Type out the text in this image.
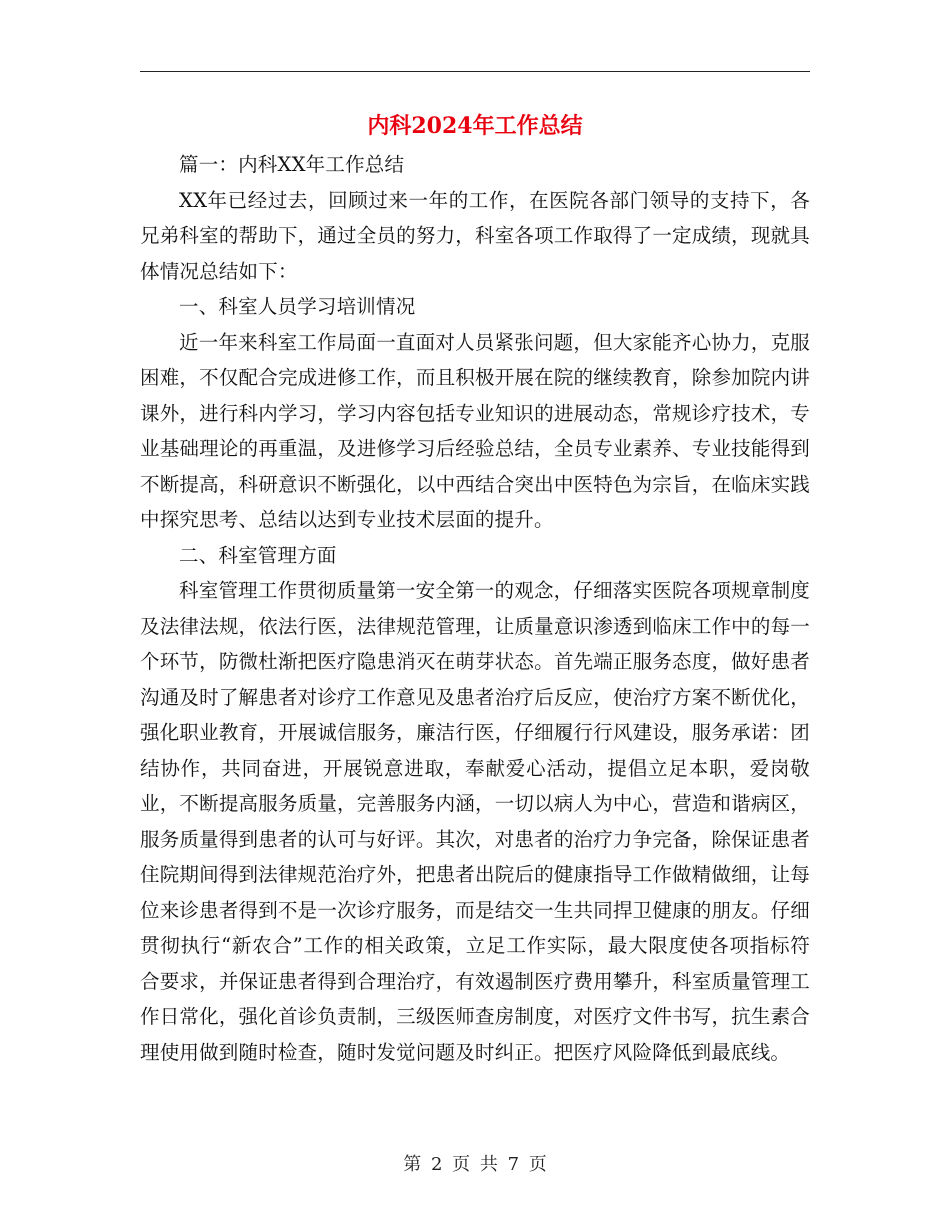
内科2024年工作总结

篇一：内科XX年工作总结

XX年已经过去，回顾过来一年的工作，在医院各部门领导的支持下，各兄弟科室的帮助下，通过全员的努力，科室各项工作取得了一定成绩，现就具体情况总结如下：

一、科室人员学习培训情况

近一年来科室工作局面一直面对人员紧张问题，但大家能齐心协力，克服困难，不仅配合完成进修工作，而且积极开展在院的继续教育，除参加院内讲课外，进行科内学习，学习内容包括专业知识的进展动态，常规诊疗技术，专业基础理论的再重温，及进修学习后经验总结，全员专业素养、专业技能得到不断提高，科研意识不断强化，以中西结合突出中医特色为宗旨，在临床实践中探究思考、总结以达到专业技术层面的提升。

二、科室管理方面

科室管理工作贯彻质量第一安全第一的观念，仔细落实医院各项规章制度及法律法规，依法行医，法律规范管理，让质量意识渗透到临床工作中的每一个环节，防微杜渐把医疗隐患消灭在萌芽状态。首先端正服务态度，做好患者沟通及时了解患者对诊疗工作意见及患者治疗后反应，使治疗方案不断优化，强化职业教育，开展诚信服务，廉洁行医，仔细履行行风建设，服务承诺：团结协作，共同奋进，开展锐意进取，奉献爱心活动，提倡立足本职，爱岗敬业，不断提高服务质量，完善服务内涵，一切以病人为中心，营造和谐病区，服务质量得到患者的认可与好评。其次，对患者的治疗力争完备，除保证患者住院期间得到法律规范治疗外，把患者出院后的健康指导工作做精做细，让每位来诊患者得到不是一次诊疗服务，而是结交一生共同捍卫健康的朋友。仔细贯彻执行“新农合”工作的相关政策，立足工作实际，最大限度使各项指标符合要求，并保证患者得到合理治疗，有效遏制医疗费用攀升，科室质量管理工作日常化，强化首诊负责制，三级医师查房制度，对医疗文件书写，抗生素合理使用做到随时检查，随时发觉问题及时纠正。把医疗风险降低到最底线。

第 2 页 共 7 页
